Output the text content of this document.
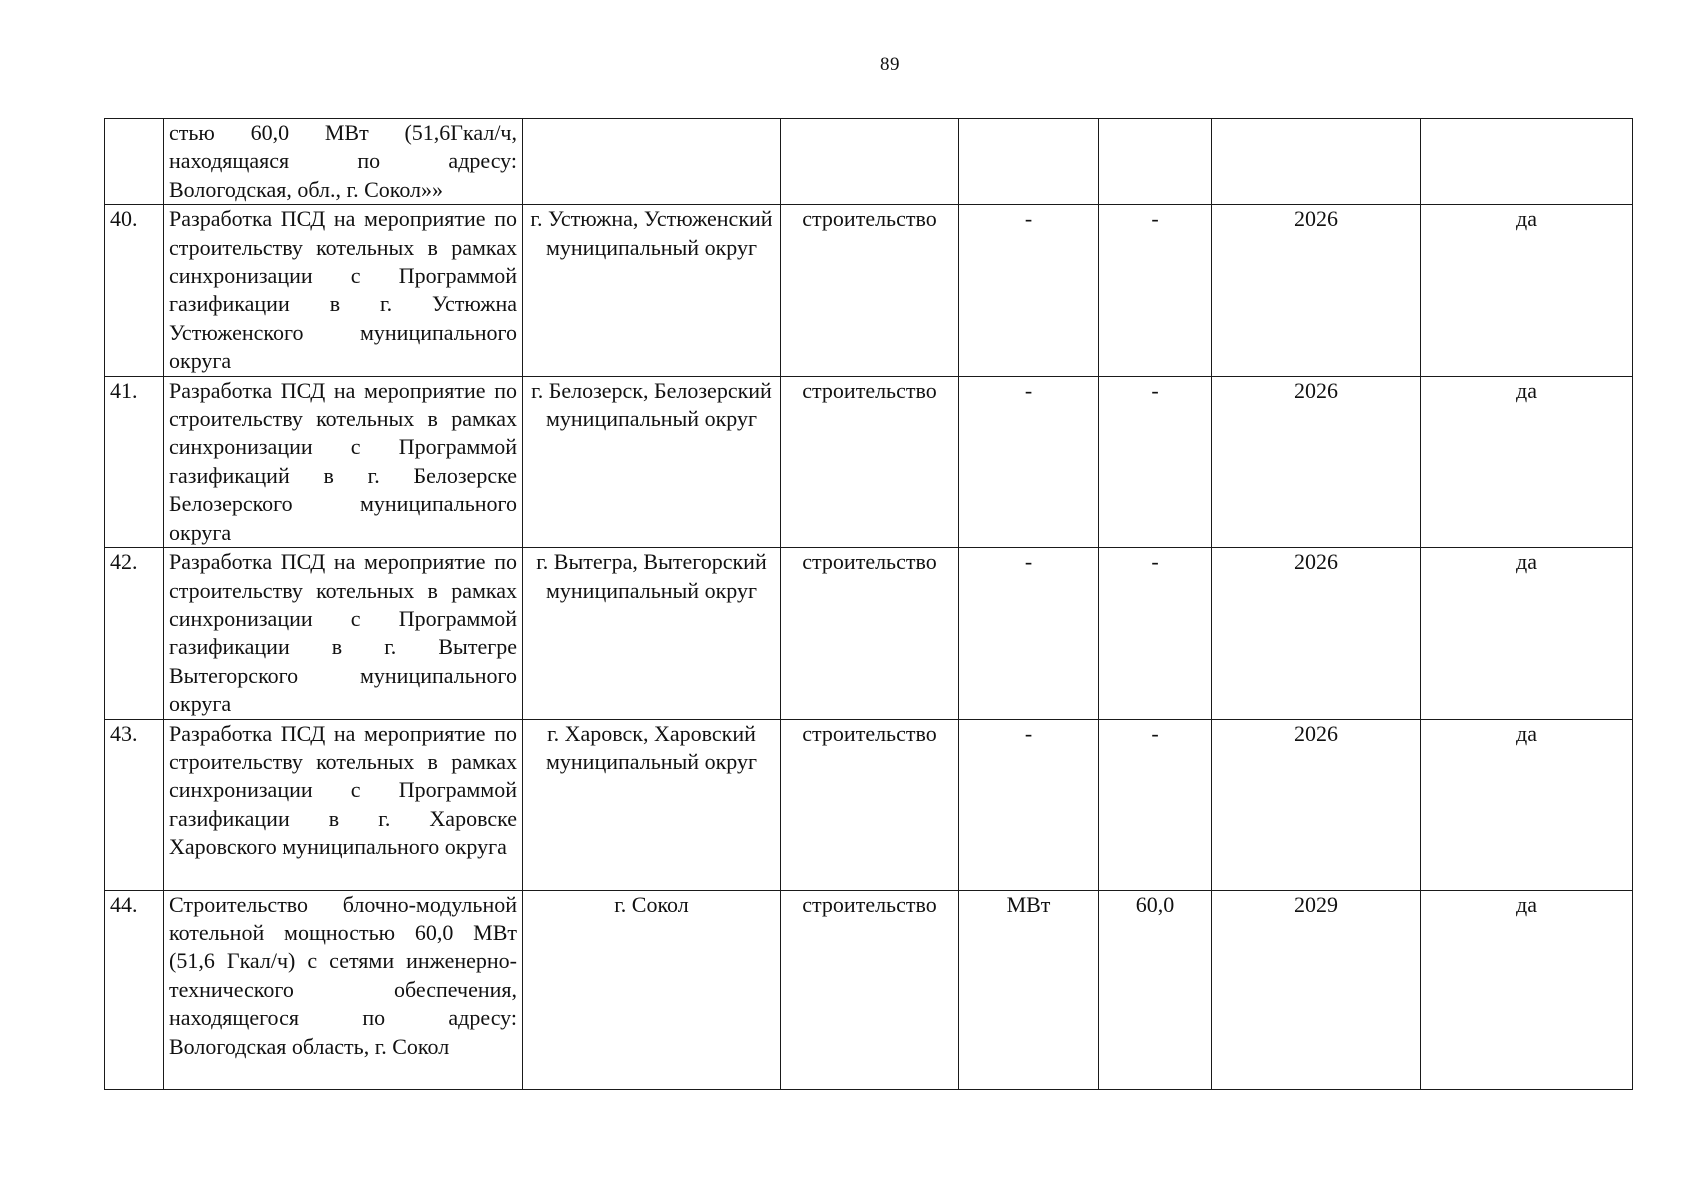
89
	стью 60,0 МВт (51,6Гкал/ч, находящаяся по адресу: Вологодская, обл., г. Сокол»»						
40.	Разработка ПСД на мероприятие по строительству котельных в рамках синхронизации с Программой газификации в г. Устюжна Устюженского муниципального округа	г. Устюжна, Устюженский муниципальный округ	строительство	-	-	2026	да
41.	Разработка ПСД на мероприятие по строительству котельных в рамках синхронизации с Программой газификаций в г. Белозерске Белозерского муниципального округа	г. Белозерск, Белозерский муниципальный округ	строительство	-	-	2026	да
42.	Разработка ПСД на мероприятие по строительству котельных в рамках синхронизации с Программой газификации в г. Вытегре Вытегорского муниципального округа	г. Вытегра, Вытегорский муниципальный округ	строительство	-	-	2026	да
43.	Разработка ПСД на мероприятие по строительству котельных в рамках синхронизации с Программой газификации в г. Харовске Харовского муниципального округа	г. Харовск, Харовский муниципальный округ	строительство	-	-	2026	да
44.	Строительство блочно-модульной котельной мощностью 60,0 МВт (51,6 Гкал/ч) с сетями инженерно-технического обеспечения, находящегося по адресу: Вологодская область, г. Сокол	г. Сокол	строительство	МВт	60,0	2029	да
